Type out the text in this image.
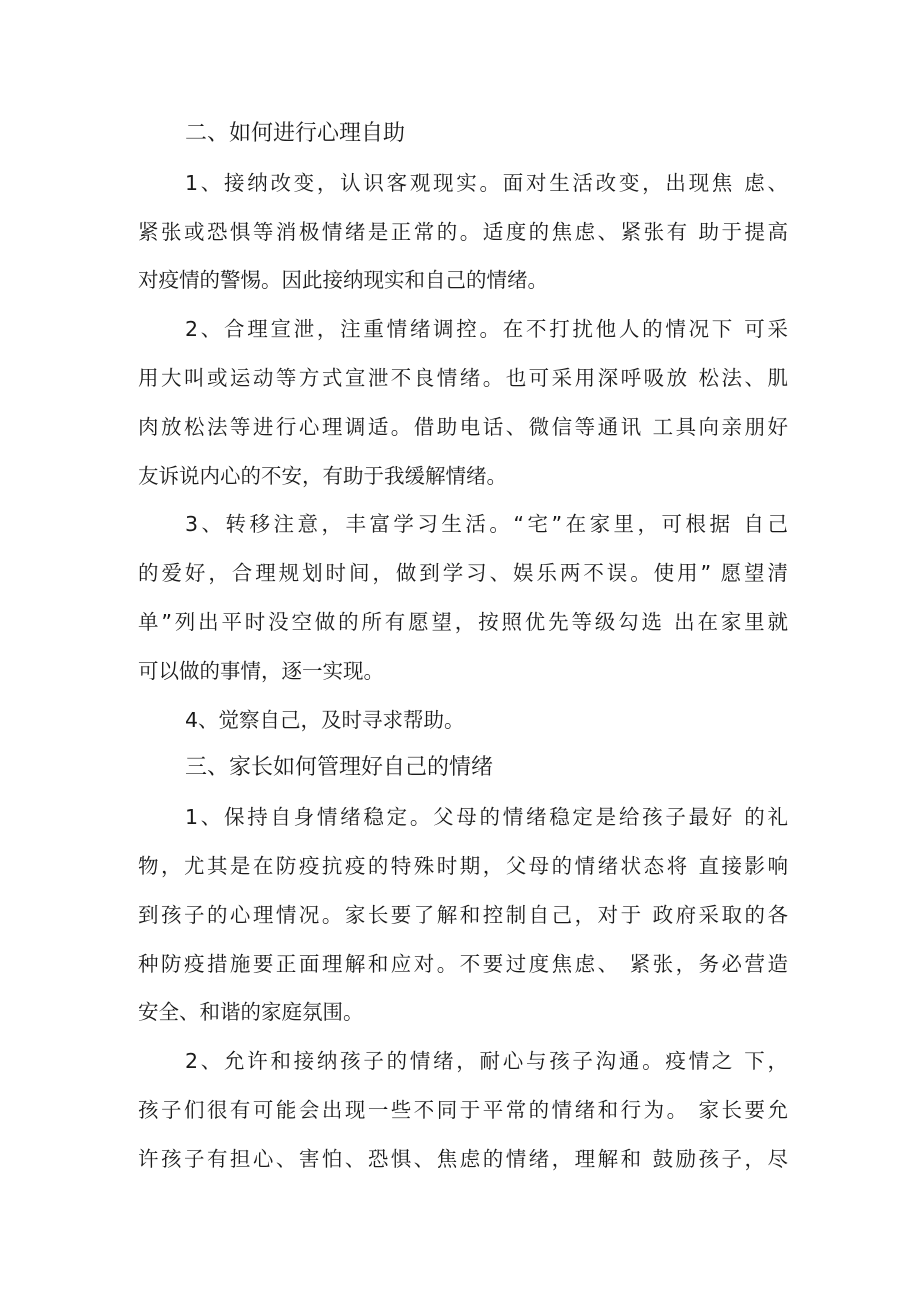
二、如何进行心理自助
1、接纳改变，认识客观现实。面对生活改变，出现焦 虑、
紧张或恐惧等消极情绪是正常的。适度的焦虑、紧张有 助于提高
对疫情的警惕。因此接纳现实和自己的情绪。
2、合理宣泄，注重情绪调控。在不打扰他人的情况下 可采
用大叫或运动等方式宣泄不良情绪。也可采用深呼吸放 松法、肌
肉放松法等进行心理调适。借助电话、微信等通讯 工具向亲朋好
友诉说内心的不安，有助于我缓解情绪。
3、转移注意，丰富学习生活。“宅”在家里，可根据 自己
的爱好，合理规划时间，做到学习、娱乐两不误。使用” 愿望清
单”列出平时没空做的所有愿望，按照优先等级勾选 出在家里就
可以做的事情，逐一实现。
4、觉察自己，及时寻求帮助。
三、家长如何管理好自己的情绪
1、保持自身情绪稳定。父母的情绪稳定是给孩子最好 的礼
物，尤其是在防疫抗疫的特殊时期，父母的情绪状态将 直接影响
到孩子的心理情况。家长要了解和控制自己，对于 政府采取的各
种防疫措施要正面理解和应对。不要过度焦虑、 紧张，务必营造
安全、和谐的家庭氛围。
2、允许和接纳孩子的情绪，耐心与孩子沟通。疫情之 下，
孩子们很有可能会出现一些不同于平常的情绪和行为。 家长要允
许孩子有担心、害怕、恐惧、焦虑的情绪，理解和 鼓励孩子，尽
